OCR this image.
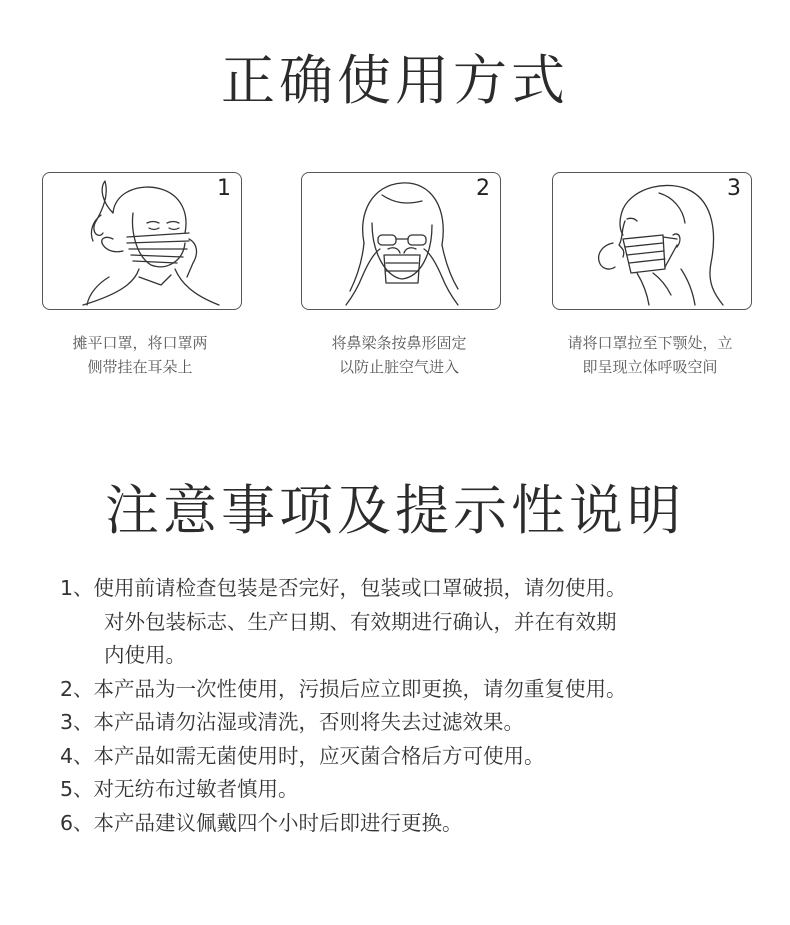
正确使用方式
1
摊平口罩，将口罩两
侧带挂在耳朵上
2
将鼻梁条按鼻形固定
以防止脏空气进入
3
请将口罩拉至下颚处，立
即呈现立体呼吸空间
注意事项及提示性说明
1、使用前请检查包装是否完好，包装或口罩破损，请勿使用。
对外包装标志、生产日期、有效期进行确认，并在有效期
内使用。
2、本产品为一次性使用，污损后应立即更换，请勿重复使用。
3、本产品请勿沾湿或清洗，否则将失去过滤效果。
4、本产品如需无菌使用时，应灭菌合格后方可使用。
5、对无纺布过敏者慎用。
6、本产品建议佩戴四个小时后即进行更换。
